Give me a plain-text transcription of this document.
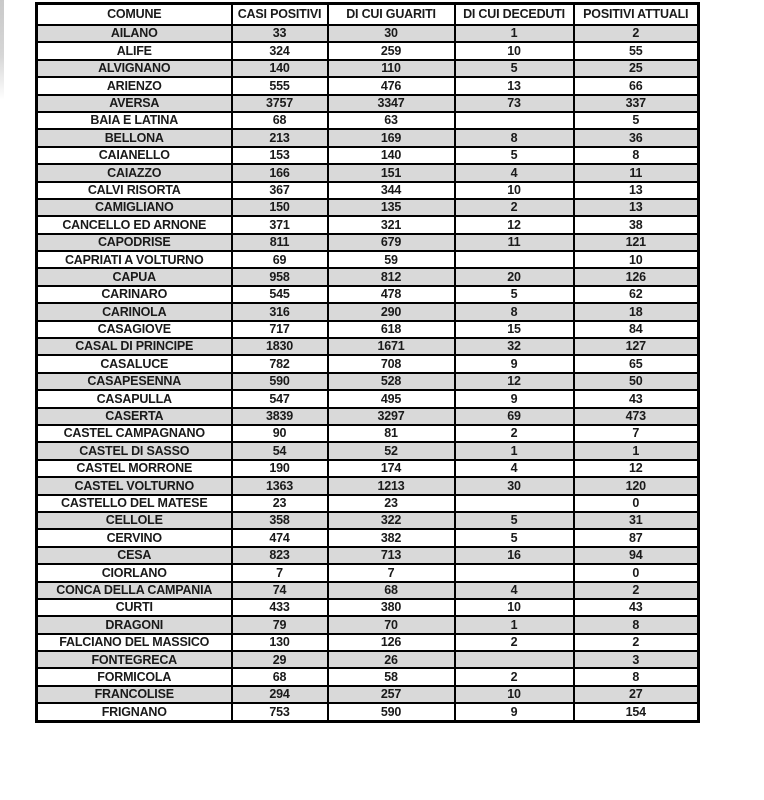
COMUNE	CASI POSITIVI	DI CUI GUARITI	DI CUI DECEDUTI	POSITIVI ATTUALI
AILANO	33	30	1	2
ALIFE	324	259	10	55
ALVIGNANO	140	110	5	25
ARIENZO	555	476	13	66
AVERSA	3757	3347	73	337
BAIA E LATINA	68	63		5
BELLONA	213	169	8	36
CAIANELLO	153	140	5	8
CAIAZZO	166	151	4	11
CALVI RISORTA	367	344	10	13
CAMIGLIANO	150	135	2	13
CANCELLO ED ARNONE	371	321	12	38
CAPODRISE	811	679	11	121
CAPRIATI A VOLTURNO	69	59		10
CAPUA	958	812	20	126
CARINARO	545	478	5	62
CARINOLA	316	290	8	18
CASAGIOVE	717	618	15	84
CASAL DI PRINCIPE	1830	1671	32	127
CASALUCE	782	708	9	65
CASAPESENNA	590	528	12	50
CASAPULLA	547	495	9	43
CASERTA	3839	3297	69	473
CASTEL CAMPAGNANO	90	81	2	7
CASTEL DI SASSO	54	52	1	1
CASTEL MORRONE	190	174	4	12
CASTEL VOLTURNO	1363	1213	30	120
CASTELLO DEL MATESE	23	23		0
CELLOLE	358	322	5	31
CERVINO	474	382	5	87
CESA	823	713	16	94
CIORLANO	7	7		0
CONCA DELLA CAMPANIA	74	68	4	2
CURTI	433	380	10	43
DRAGONI	79	70	1	8
FALCIANO DEL MASSICO	130	126	2	2
FONTEGRECA	29	26		3
FORMICOLA	68	58	2	8
FRANCOLISE	294	257	10	27
FRIGNANO	753	590	9	154
